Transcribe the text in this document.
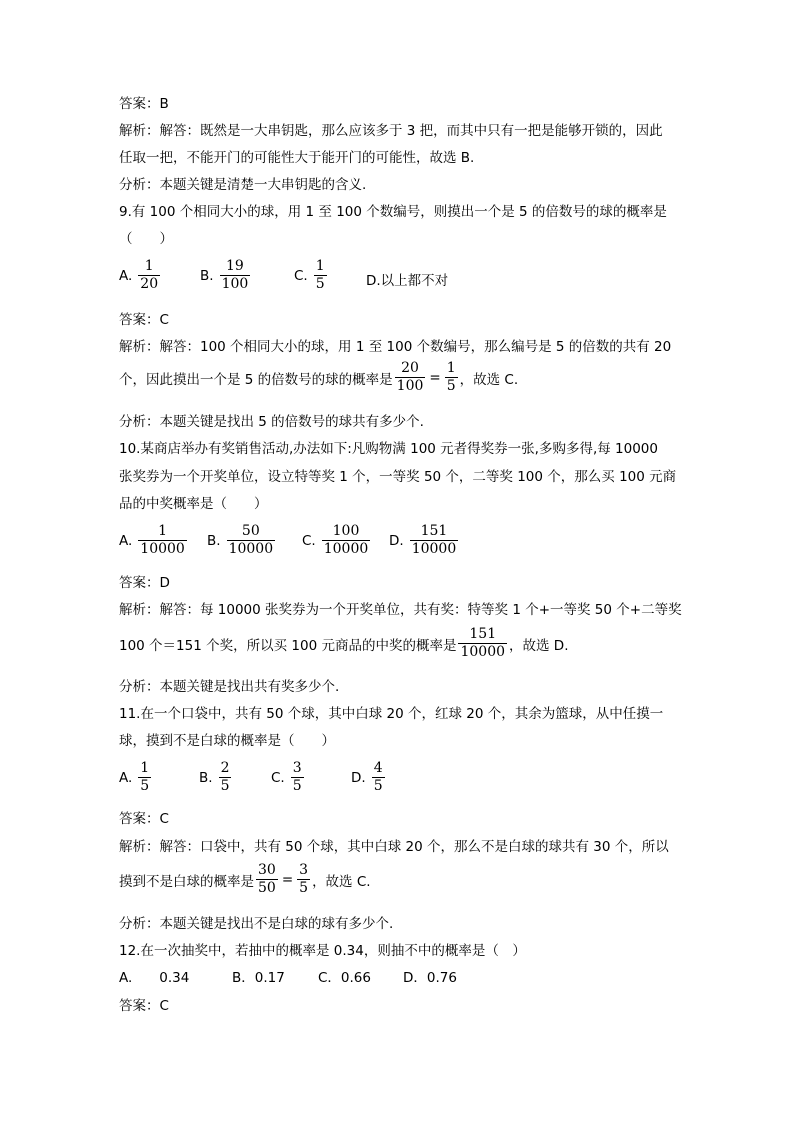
答案：B
解析：解答：既然是一大串钥匙，那么应该多于 3 把，而其中只有一把是能够开锁的，因此
任取一把，不能开门的可能性大于能开门的可能性，故选 B.
分析：本题关键是清楚一大串钥匙的含义.
9.有 100 个相同大小的球，用 1 至 100 个数编号，则摸出一个是 5 的倍数号的球的概率是
（　　）
A. $\frac{1}{20}$	B. $\frac{19}{100}$	C. $\frac{1}{5}$	D.以上都不对
答案：C
解析：解答：100 个相同大小的球，用 1 至 100 个数编号，那么编号是 5 的倍数的共有 20
个，因此摸出一个是 5 的倍数号的球的概率是 $\frac{20}{100} = \frac{1}{5}$ ，故选 C.
分析：本题关键是找出 5 的倍数号的球共有多少个.
10.某商店举办有奖销售活动,办法如下:凡购物满 100 元者得奖券一张,多购多得,每 10000
张奖券为一个开奖单位，设立特等奖 1 个，一等奖 50 个，二等奖 100 个，那么买 100 元商
品的中奖概率是（　　）
A. $\frac{1}{10000} B$. $\frac{50}{10000} C$. $\frac{100}{10000} D$. $\frac{151}{10000}$
答案：D
解析：解答：每 10000 张奖券为一个开奖单位，共有奖：特等奖 1 个+一等奖 50 个+二等奖
100 个＝151 个奖，所以买 100 元商品的中奖的概率是 $\frac{151}{10000}$ ，故选 D.
分析：本题关键是找出共有奖多少个.
11.在一个口袋中，共有 50 个球，其中白球 20 个，红球 20 个，其余为篮球，从中任摸一
球，摸到不是白球的概率是（　　）
A. $\frac{1}{5}$	B. $\frac{2}{5}$	C. $\frac{3}{5}$	D. $\frac{4}{5}$
答案：C
解析：解答：口袋中，共有 50 个球，其中白球 20 个，那么不是白球的球共有 30 个，所以
摸到不是白球的概率是 $\frac{30}{50} = \frac{3}{5}$ ，故选 C.
分析：本题关键是找出不是白球的球有多少个.
12.在一次抽奖中，若抽中的概率是 0.34，则抽不中的概率是（　）
A.　　0.34	B．0.17 C．0.66 D．0.76
答案：C
